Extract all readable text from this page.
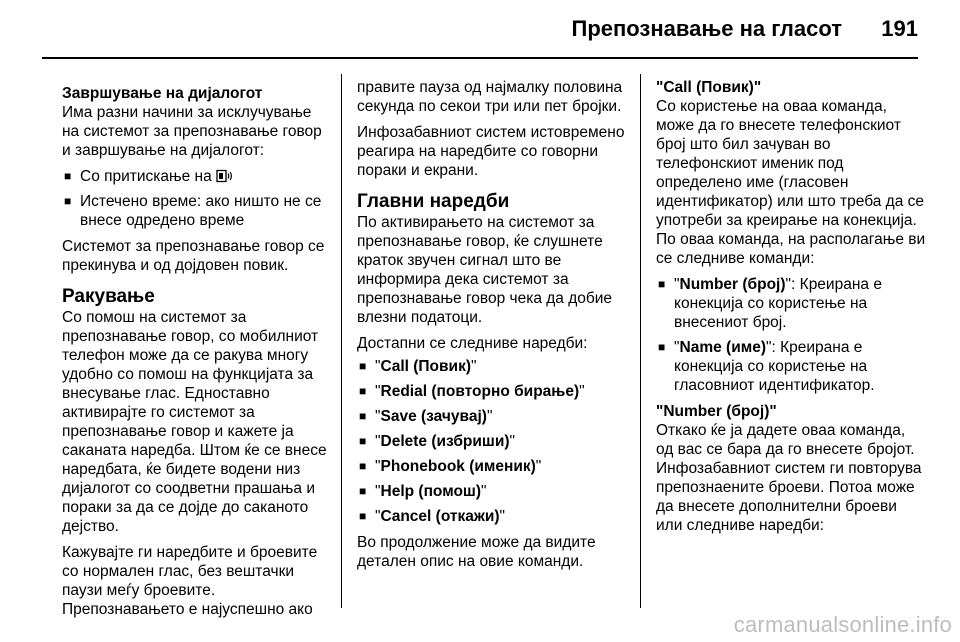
Препознавање на гласот 191
Завршување на дијалогот

Има разни начини за исклучување на системот за препознавање говор и завршување на дијалогот:

■ Со притискање на
■ Истечено време: ако ништо не се внесе одредено време

Системот за препознавање говор се прекинува и од дојдовен повик.

Ракување

Со помош на системот за препознавање говор, со мобилниот телефон може да се ракува многу удобно со помош на функцијата за внесување глас. Едноставно активирајте го системот за препознавање говор и кажете ја саканата наредба. Штом ќе се внесе наредбата, ќе бидете водени низ дијалогот со соодветни прашања и пораки за да се дојде до саканото дејство.

Кажувајте ги наредбите и броевите со нормален глас, без вештачки паузи меѓу броевите. Препознавањето е најуспешно ако

правите пауза од најмалку половина секунда по секои три или пет бројки.

Инфозабавниот систем истовремено реагира на наредбите со говорни пораки и екрани.

Главни наредби

По активирањето на системот за препознавање говор, ќе слушнете краток звучен сигнал што ве информира дека системот за препознавање говор чека да добие влезни податоци.

Достапни се следниве наредби:

■ "Call (Повик)"
■ "Redial (повторно бирање)"
■ "Save (зачувај)"
■ "Delete (избриши)"
■ "Phonebook (именик)"
■ "Help (помош)"
■ "Cancel (откажи)"

Во продолжение може да видите детален опис на овие команди.

"Call (Повик)"

Со користење на оваа команда, може да го внесете телефонскиот број што бил зачуван во телефонскиот именик под определено име (гласовен идентификатор) или што треба да се употреби за креирање на конекција. По оваа команда, на располагање ви се следниве команди:

■ "Number (број)": Креирана е конекција со користење на внесениот број.
■ "Name (име)": Креирана е конекција со користење на гласовниот идентификатор.
"Number (број)"

Откако ќе ја дадете оваа команда, од вас се бара да го внесете бројот. Инфозабавниот систем ги повторува препознаените броеви. Потоа може да внесете дополнителни броеви или следниве наредби:

carmanualsonline.info
